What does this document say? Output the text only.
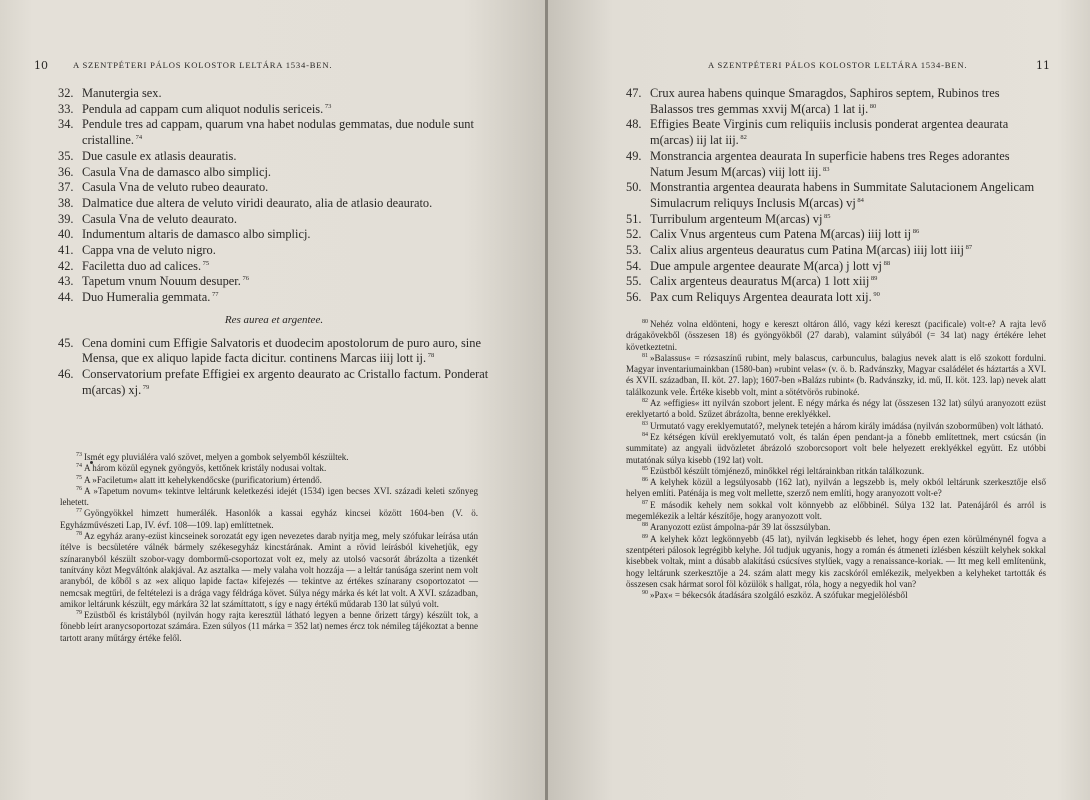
10	A SZENTPÉTERI PÁLOS KOLOSTOR LELTÁRA 1534-BEN.
32. Manutergia sex.
33. Pendula ad cappam cum aliquot nodulis sericeis. $^{73}$
34. Pendule tres ad cappam, quarum vna habet nodulas gemmatas, due nodule sunt cristalline. $^{74}$
35. Due casule ex atlasis deauratis.
36. Casula Vna de damasco albo simplicj.
37. Casula Vna de veluto rubeo deaurato.
38. Dalmatice due altera de veluto viridi deaurato, alia de atlasio deaurato.
39. Casula Vna de veluto deaurato.
40. Indumentum altaris de damasco albo simplicj.
41. Cappa vna de veluto nigro.
42. Faciletta duo ad calices. $^{75}$
43. Tapetum vnum Nouum desuper. $^{76}$
44. Duo Humeralia gemmata. $^{77}$
Res aurea et argentee.
45. Cena domini cum Effigie Salvatoris et duodecim apostolorum de puro auro, sine Mensa, que ex aliquo lapide facta dicitur. continens Marcas iiij lott ij. $^{78}$
46. Conservatorium prefate Effigiei ex argento deaurato ac Cristallo factum. Ponderat m(arcas) xj. $^{79}$

$^{73}$ Ismét egy pluviáléra való szövet, melyen a gombok selyemből készültek.

$^{74}$ A három közül egynek gyöngyös, kettőnek kristály nodusai voltak.

$^{75}$ A »Faciletum« alatt itt kehelykendőcske (purificatorium) értendő.

$^{76}$ A »Tapetum novum« tekintve leltárunk keletkezési idejét (1534) igen becses XVI. századi keleti szőnyeg lehetett.

$^{77}$ Gyöngyökkel himzett humerálék. Hasonlók a kassai egyház kincsei között 1604-ben (V. ö. Egyházművészeti Lap, IV. évf. 108—109. lap) említtetnek.

$^{78}$ Az egyház arany-ezüst kincseinek sorozatát egy igen nevezetes darab nyitja meg, mely szófukar leírása után ítélve is becsületére válnék bármely székesegyház kincstárának. Amint a rövid leírásból kivehetjük, egy színaranyból készült szobor-vagy dombormű-csoportozat volt ez, mely az utolsó vacsorát ábrázolta a tizenkét tanítvány közt Megváltónk alakjával. Az asztalka — mely valaha volt hozzája — a leltár tanúsága szerint nem volt aranyból, de kőből s az »ex aliquo lapide facta« kifejezés — tekintve az értékes színarany csoportozatot — nemcsak megtűri, de feltételezi is a drága vagy féldrága követ. Súlya négy márka és két lat volt. A XVI. században, amikor leltárunk készült, egy márkára 32 lat számíttatott, s így e nagy értékű műdarab 130 lat súlyú volt.

$^{79}$ Ezüstből és kristályból (nyilván hogy rajta keresztül látható legyen a benne őrizett tárgy) készült tok, a fönebb leírt aranycsoportozat számára. Ezen súlyos (11 márka = 352 lat) nemes ércz tok némileg tájékoztat a benne tartott arany műtárgy értéke felől.

A SZENTPÉTERI PÁLOS KOLOSTOR LELTÁRA 1534-BEN.	11
47. Crux aurea habens quinque Smaragdos, Saphiros septem, Rubinos tres Balassos tres gemmas xxvij M(arca) 1 lat ij. $^{80}$
48. Effigies Beate Virginis cum reliquiis inclusis ponderat argentea deaurata m(arcas) iij lat iij. $^{82}$
49. Monstrancia argentea deaurata In superficie habens tres Reges adorantes Natum Jesum M(arcas) viij lott iij. $^{83}$
50. Monstrantia argentea deaurata habens in Summitate Salutacionem Angelicam Simulacrum reliquys Inclusis M(arcas) vj $^{84}$
51. Turribulum argenteum M(arcas) vj $^{85}$
52. Calix Vnus argenteus cum Patena M(arcas) iiij lott ij $^{86}$
53. Calix alius argenteus deauratus cum Patina M(arcas) iiij lott iiij $^{87}$
54. Due ampule argentee deaurate M(arca) j lott vj $^{88}$
55. Calix argenteus deauratus M(arca) 1 lott xiij $^{89}$
56. Pax cum Reliquys Argentea deaurata lott xij. $^{90}$

$^{80}$ Nehéz volna eldönteni, hogy e kereszt oltáron álló, vagy kézi kereszt (pacificale) volt-e? A rajta levő drágakövekből (összesen 18) és gyöngyökből (27 darab), valamint súlyából (= 34 lat) nagy értékére lehet következtetni.

$^{81}$ »Balassus« = rózsaszínű rubint, mely balascus, carbunculus, balagius nevek alatt is elő szokott fordulni. Magyar inventariumainkban (1580-ban) »rubint velas« (v. ö. b. Radvánszky, Magyar családélet és háztartás a XVI. és XVII. században, II. köt. 27. lap); 1607-ben »Balázs rubint« (b. Radvánszky, id. mű, II. köt. 123. lap) nevek alatt találkozunk vele. Értéke kisebb volt, mint a sötétvörös rubinoké.

$^{82}$ Az »effigies« itt nyilván szobort jelent. E négy márka és négy lat (összesen 132 lat) súlyú aranyozott ezüst ereklyetartó a bold. Szűzet ábrázolta, benne ereklyékkel.

$^{83}$ Urmutató vagy ereklyemutató?, melynek tetején a három király imádása (nyilván szoborműben) volt látható.

$^{84}$ Ez kétségen kívül ereklyemutató volt, és talán épen pendant-ja a fönebb említettnek, mert csúcsán (in summitate) az angyali üdvözletet ábrázoló szoborcsoport volt bele helyezett ereklyékkel együtt. Ez utóbbi mutatónak súlya kisebb (192 lat) volt.

$^{85}$ Ezüstből készült tömjénező, minőkkel régi leltárainkban ritkán találkozunk.

$^{86}$ A kelyhek közül a legsúlyosabb (162 lat), nyilván a legszebb is, mely okból leltárunk szerkesztője első helyen említi. Paténája is meg volt mellette, szerző nem említi, hogy aranyozott volt-e?

$^{87}$ E második kehely nem sokkal volt könnyebb az előbbinél. Súlya 132 lat. Patenájáról és arról is megemlékezik a leltár készítője, hogy aranyozott volt.

$^{88}$ Aranyozott ezüst ámpolna-pár 39 lat összsúlyban.

$^{89}$ A kelyhek közt legkönnyebb (45 lat), nyilván legkisebb és lehet, hogy épen ezen körülménynél fogva a szentpéteri pálosok legrégibb kelyhe. Jól tudjuk ugyanis, hogy a román és átmeneti ízlésben készült kelyhek sokkal kisebbek voltak, mint a dúsabb alakítású csúcsíves stylűek, vagy a renaissance-koriak. — Itt meg kell említenünk, hogy leltárunk szerkesztője a 24. szám alatt megy kis zacskóról emlékezik, melyekben a kelyheket tartották és összesen csak hármat sorol föl közülök s hallgat, róla, hogy a negyedik hol van?

$^{90}$ »Pax« = békecsók átadására szolgáló eszköz. A szófukar megjelölésből
